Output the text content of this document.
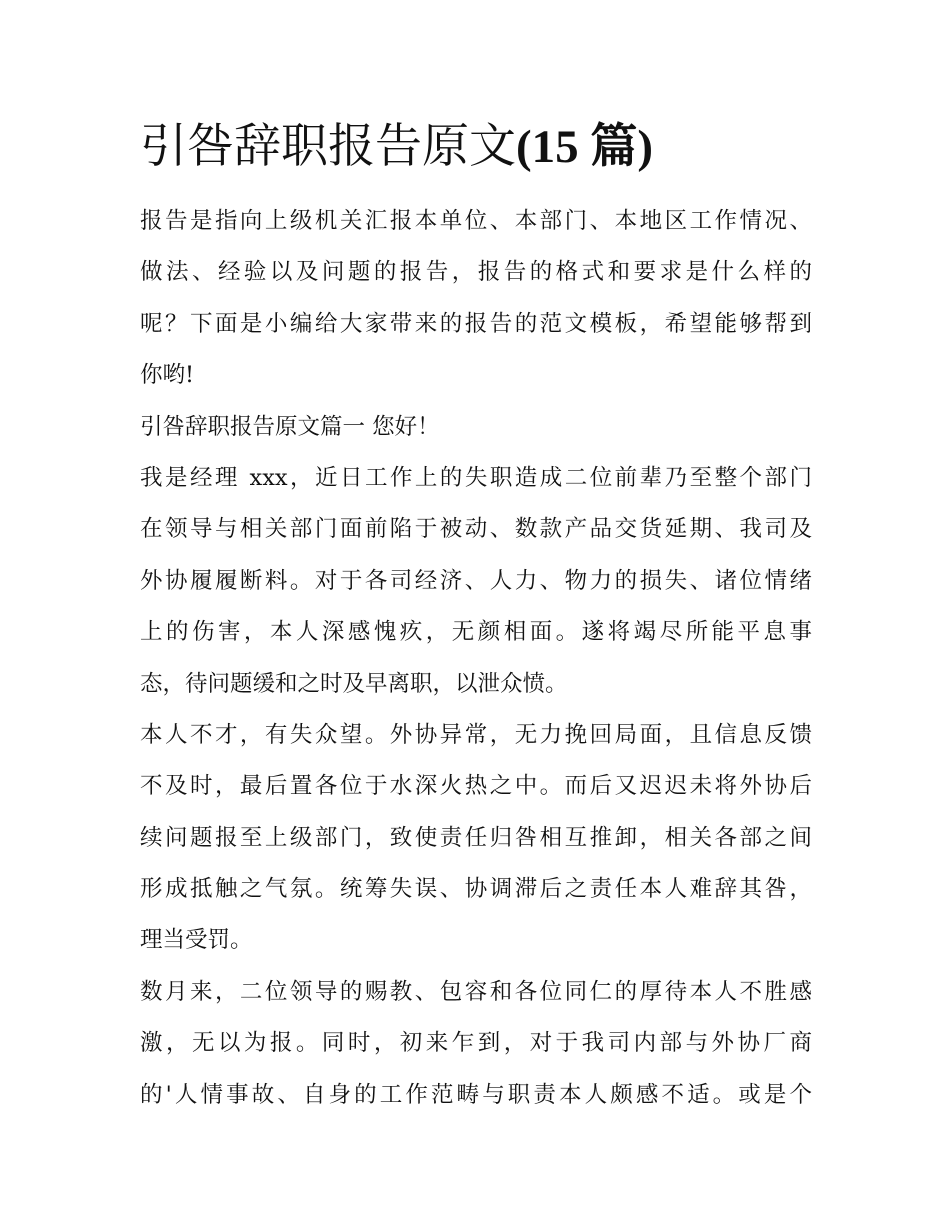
引咎辞职报告原文(15 篇)
报告是指向上级机关汇报本单位、本部门、本地区工作情况、
做法、经验以及问题的报告，报告的格式和要求是什么样的
呢？下面是小编给大家带来的报告的范文模板，希望能够帮到
你哟!
引咎辞职报告原文篇一 您好！
我是经理 xxx，近日工作上的失职造成二位前辈乃至整个部门
在领导与相关部门面前陷于被动、数款产品交货延期、我司及
外协履履断料。对于各司经济、人力、物力的损失、诸位情绪
上的伤害，本人深感愧疚，无颜相面。遂将竭尽所能平息事
态，待问题缓和之时及早离职，以泄众愤。
本人不才，有失众望。外协异常，无力挽回局面，且信息反馈
不及时，最后置各位于水深火热之中。而后又迟迟未将外协后
续问题报至上级部门，致使责任归咎相互推卸，相关各部之间
形成抵触之气氛。统筹失误、协调滞后之责任本人难辞其咎，
理当受罚。
数月来，二位领导的赐教、包容和各位同仁的厚待本人不胜感
激，无以为报。同时，初来乍到，对于我司内部与外协厂商
的'人情事故、自身的工作范畴与职责本人颇感不适。或是个
